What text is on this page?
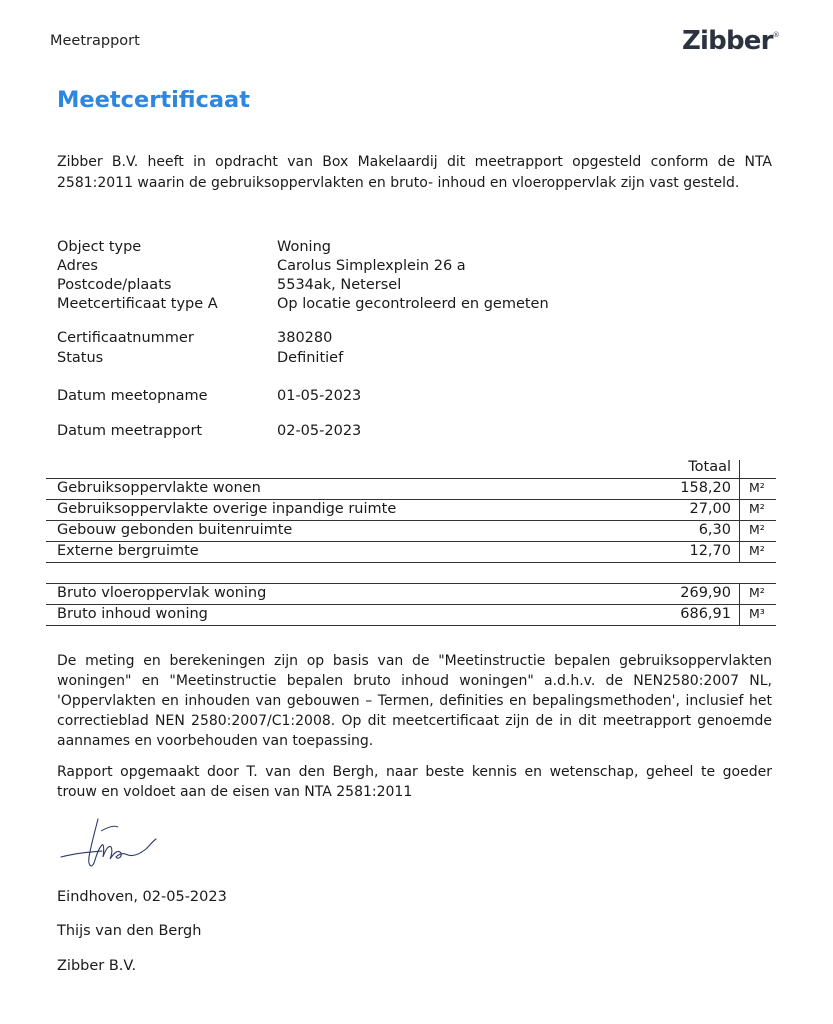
Meetrapport	Zibber®
Meetcertificaat

Zibber B.V. heeft in opdracht van Box Makelaardij dit meetrapport opgesteld conform de NTA 2581:2011 waarin de gebruiksoppervlakten en bruto- inhoud en vloeroppervlak zijn vast gesteld.

Object type	Woning
Adres	Carolus Simplexplein 26 a
Postcode/plaats	5534ak, Netersel
Meetcertificaat type A	Op locatie gecontroleerd en gemeten
Certificaatnummer	380280
Status	Definitief
Datum meetopname	01-05-2023
Datum meetrapport	02-05-2023
Totaal
Gebruiksoppervlakte wonen	158,20 M²
Gebruiksoppervlakte overige inpandige ruimte	27,00 M²
Gebouw gebonden buitenruimte	6,30 M²
Externe bergruimte	12,70 M²
Bruto vloeroppervlak woning	269,90 M²
Bruto inhoud woning	686,91 M³

De meting en berekeningen zijn op basis van de "Meetinstructie bepalen gebruiksoppervlakten woningen" en "Meetinstructie bepalen bruto inhoud woningen" a.d.h.v. de NEN2580:2007 NL, 'Oppervlakten en inhouden van gebouwen – Termen, definities en bepalingsmethoden', inclusief het correctieblad NEN 2580:2007/C1:2008. Op dit meetcertificaat zijn de in dit meetrapport genoemde aannames en voorbehouden van toepassing.

Rapport opgemaakt door T. van den Bergh, naar beste kennis en wetenschap, geheel te goeder trouw en voldoet aan de eisen van NTA 2581:2011

Eindhoven, 02-05-2023
Thijs van den Bergh
Zibber B.V.
